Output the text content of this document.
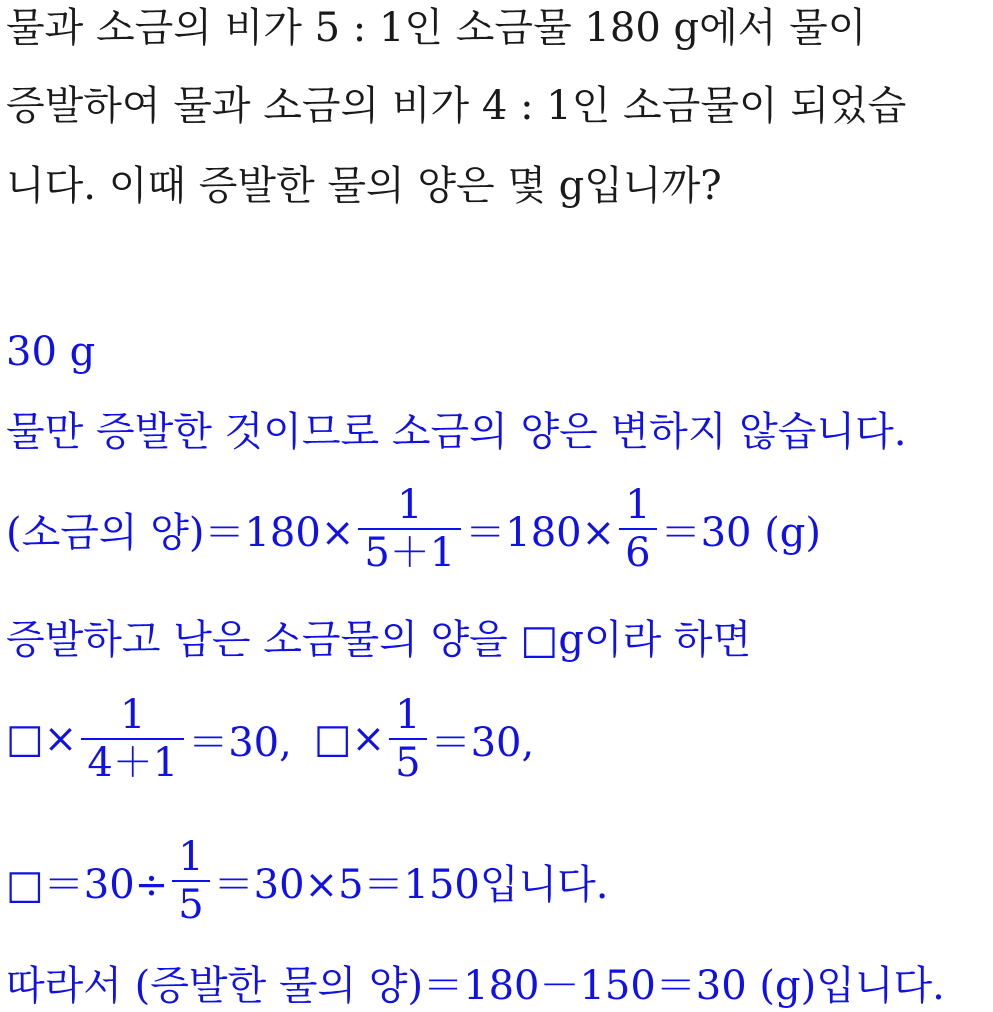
물과 소금의 비가 5 : 1인 소금물 180 g에서 물이
증발하여 물과 소금의 비가 4 : 1인 소금물이 되었습
니다. 이때 증발한 물의 양은 몇 g입니까?
30 g
물만 증발한 것이므로 소금의 양은 변하지 않습니다.
(소금의 양)$=180\times \frac{1}{5+1} =180\times \frac{1}{6} =30$ (g)
증발하고 남은 소금물의 양을 □g이라 하면
□× $\frac{1}{4+1} =30$, □× $\frac{1}{5} =30$,
□＝30÷ $\frac{1}{5} =30\times 5=150$입니다.
따라서 (증발한 물의 양)＝180－150＝30 (g)입니다.
